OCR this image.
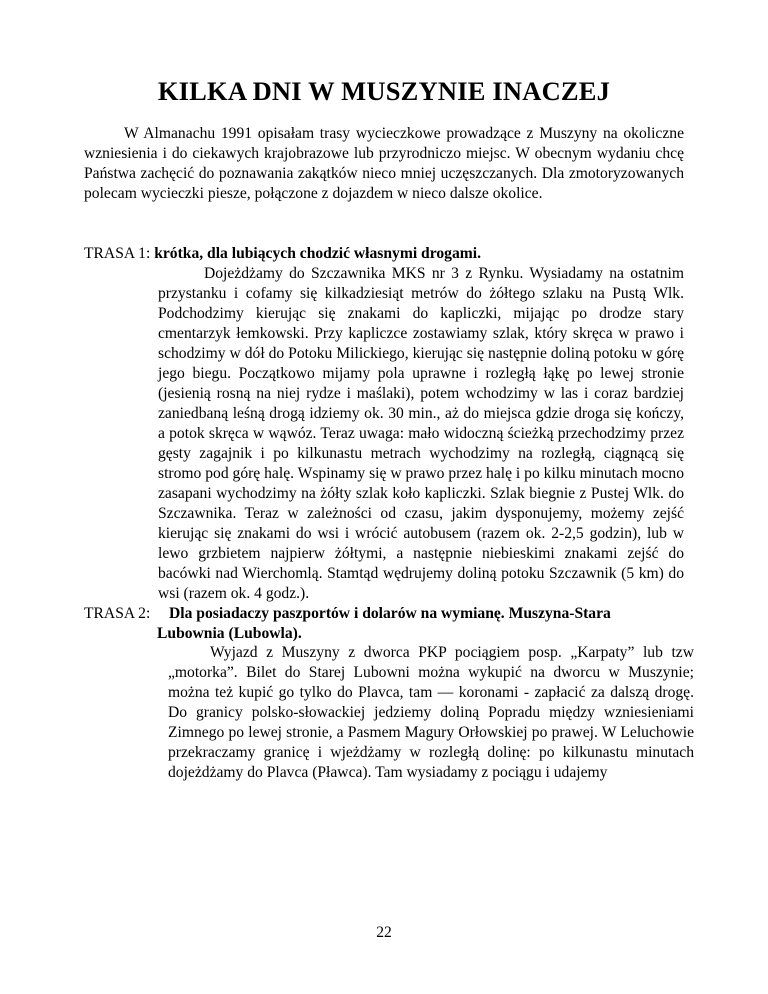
KILKA DNI W MUSZYNIE INACZEJ
W Almanachu 1991 opisałam trasy wycieczkowe prowadzące z Muszyny na okoliczne wzniesienia i do ciekawych krajobrazowe lub przyrodniczo miejsc. W obecnym wydaniu chcę Państwa zachęcić do poznawania zakątków nieco mniej uczęszczanych. Dla zmotoryzowanych polecam wycieczki piesze, połączone z dojazdem w nieco dalsze okolice.
TRASA 1: krótka, dla lubiących chodzić własnymi drogami.
Dojeżdżamy do Szczawnika MKS nr 3 z Rynku. Wysiadamy na ostatnim przystanku i cofamy się kilkadziesiąt metrów do żółtego szlaku na Pustą Wlk. Podchodzimy kierując się znakami do kapliczki, mijając po drodze stary cmentarzyk łemkowski. Przy kapliczce zostawiamy szlak, który skręca w prawo i schodzimy w dół do Potoku Milickiego, kierując się następnie doliną potoku w górę jego biegu. Początkowo mijamy pola uprawne i rozległą łąkę po lewej stronie (jesienią rosną na niej rydze i maślaki), potem wchodzimy w las i coraz bardziej zaniedbaną leśną drogą idziemy ok. 30 min., aż do miejsca gdzie droga się kończy, a potok skręca w wąwóz. Teraz uwaga: mało widoczną ścieżką przechodzimy przez gęsty zagajnik i po kilkunastu metrach wychodzimy na rozległą, ciągnącą się stromo pod górę halę. Wspinamy się w prawo przez halę i po kilku minutach mocno zasapani wychodzimy na żółty szlak koło kapliczki. Szlak biegnie z Pustej Wlk. do Szczawnika. Teraz w zależności od czasu, jakim dysponujemy, możemy zejść kierując się znakami do wsi i wrócić autobusem (razem ok. 2-2,5 godzin), lub w lewo grzbietem najpierw żółtymi, a następnie niebieskimi znakami zejść do bacówki nad Wierchomlą. Stamtąd wędrujemy doliną potoku Szczawnik (5 km) do wsi (razem ok. 4 godz.).
TRASA 2: Dla posiadaczy paszportów i dolarów na wymianę. Muszyna-Stara
Lubownia (Lubowla).
Wyjazd z Muszyny z dworca PKP pociągiem posp. „Karpaty” lub tzw „motorka”. Bilet do Starej Lubowni można wykupić na dworcu w Muszynie; można też kupić go tylko do Plavca, tam — koronami - zapłacić za dalszą drogę. Do granicy polsko-słowackiej jedziemy doliną Popradu między wzniesieniami Zimnego po lewej stronie, a Pasmem Magury Orłowskiej po prawej. W Leluchowie przekraczamy granicę i wjeżdżamy w rozległą dolinę: po kilkunastu minutach dojeżdżamy do Plavca (Pławca). Tam wysiadamy z pociągu i udajemy
22
